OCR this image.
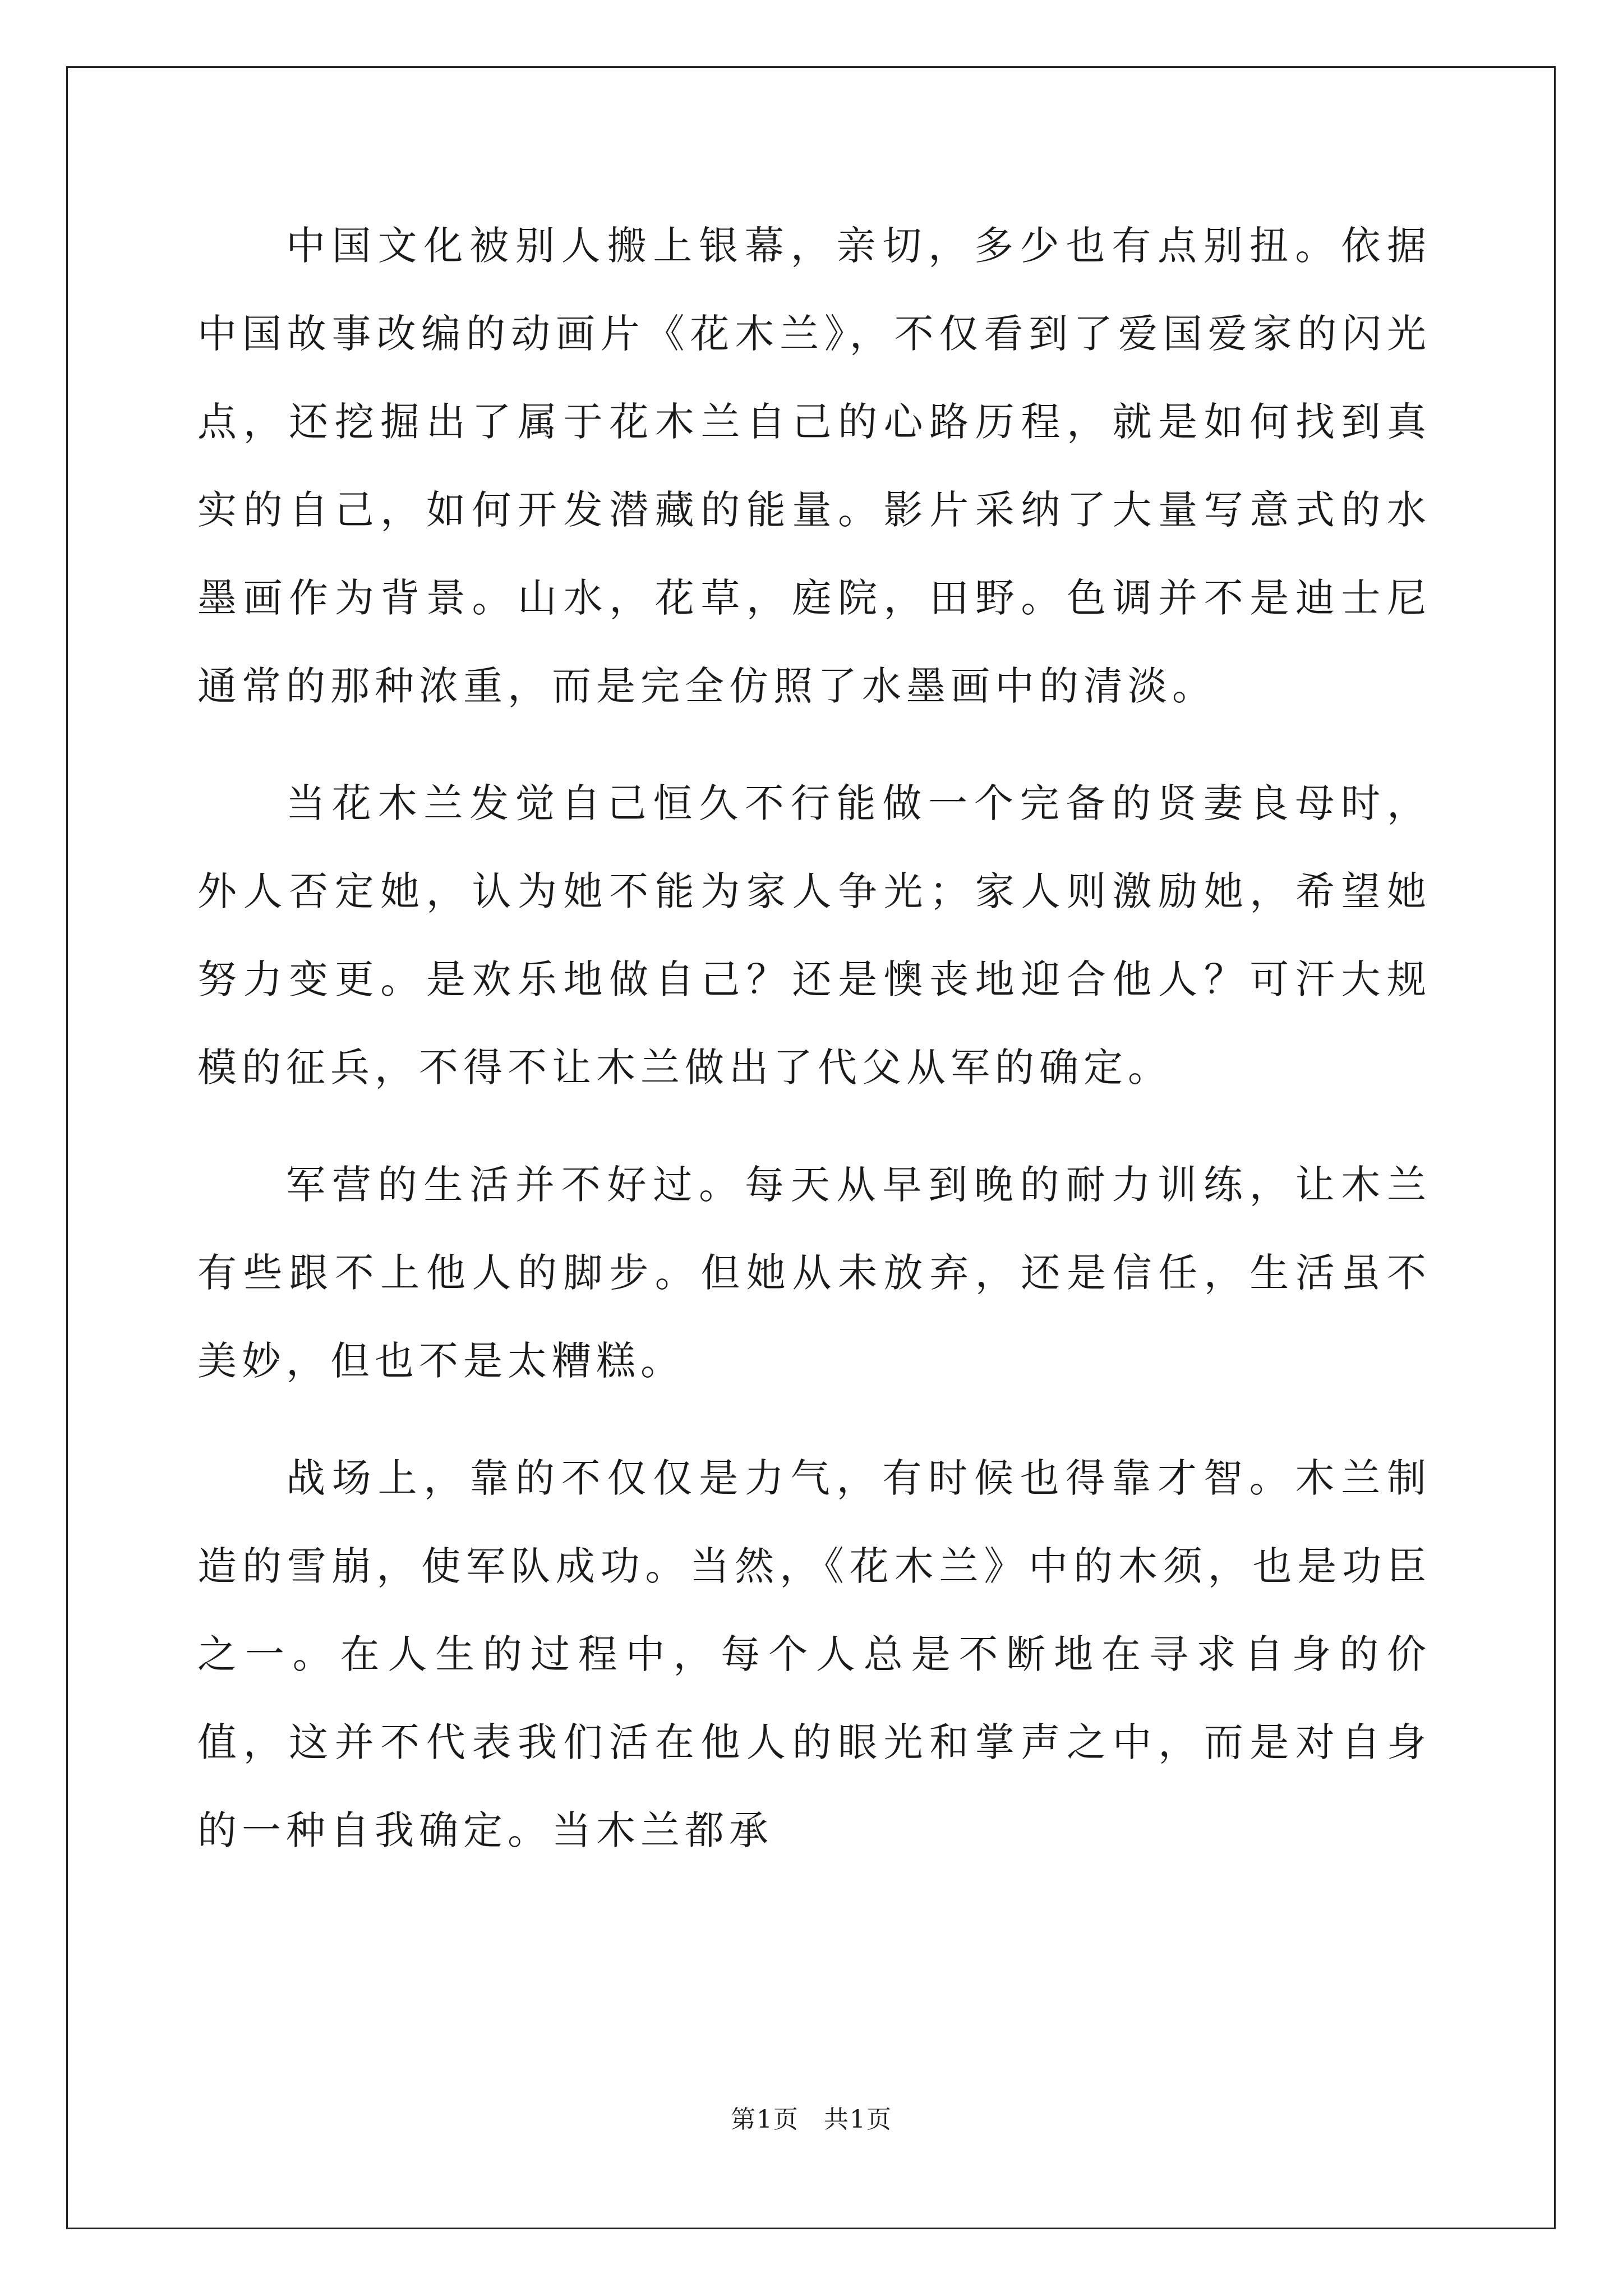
中国文化被别人搬上银幕，亲切，多少也有点别扭。依据中国故事改编的动画片《花木兰》，不仅看到了爱国爱家的闪光点，还挖掘出了属于花木兰自己的心路历程，就是如何找到真实的自己，如何开发潜藏的能量。影片采纳了大量写意式的水墨画作为背景。山水，花草，庭院，田野。色调并不是迪士尼通常的那种浓重，而是完全仿照了水墨画中的清淡。

当花木兰发觉自己恒久不行能做一个完备的贤妻良母时，外人否定她，认为她不能为家人争光；家人则激励她，希望她努力变更。是欢乐地做自己？还是懊丧地迎合他人？可汗大规模的征兵，不得不让木兰做出了代父从军的确定。

军营的生活并不好过。每天从早到晚的耐力训练，让木兰有些跟不上他人的脚步。但她从未放弃，还是信任，生活虽不美妙，但也不是太糟糕。

战场上，靠的不仅仅是力气，有时候也得靠才智。木兰制造的雪崩，使军队成功。当然，《花木兰》中的木须，也是功臣之一。在人生的过程中，每个人总是不断地在寻求自身的价值，这并不代表我们活在他人的眼光和掌声之中，而是对自身的一种自我确定。当木兰都承

第1页 共1页
